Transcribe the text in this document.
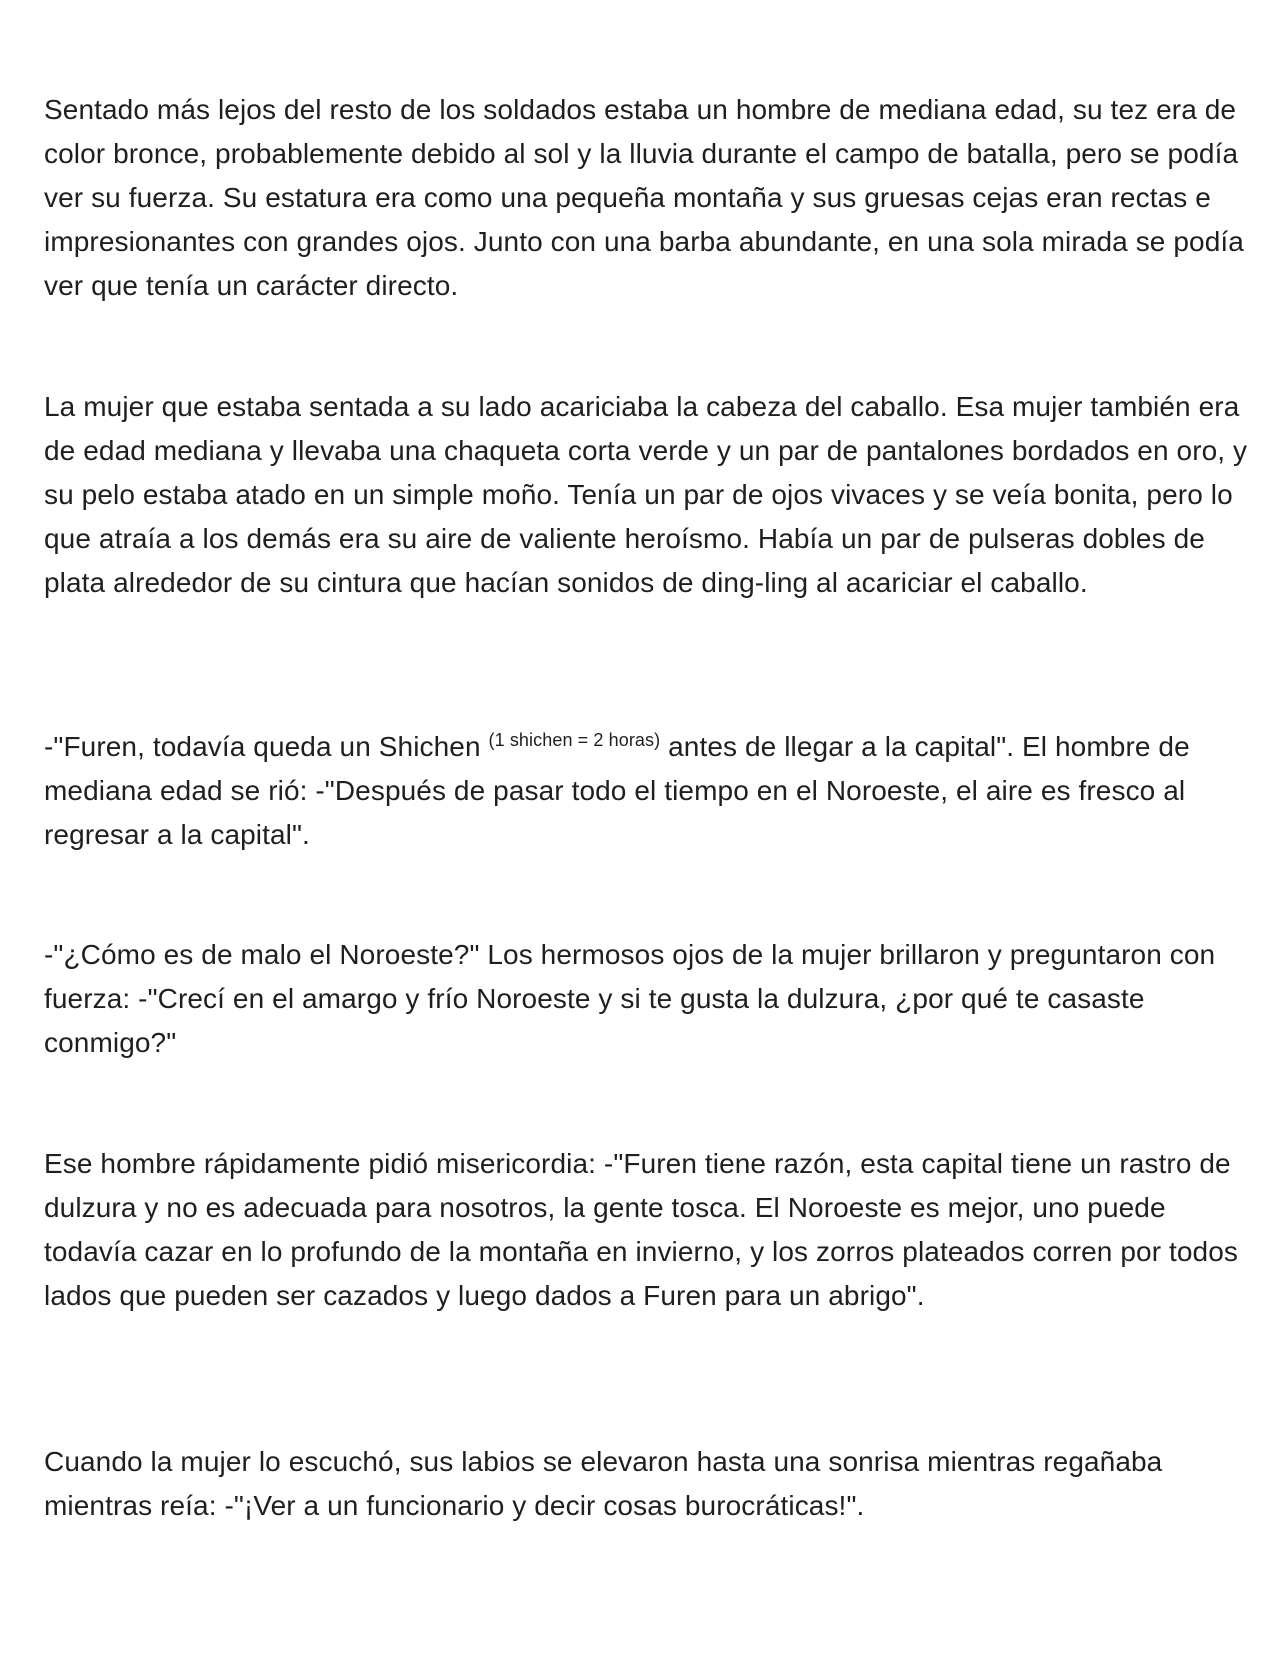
Sentado más lejos del resto de los soldados estaba un hombre de mediana edad, su tez era de color bronce, probablemente debido al sol y la lluvia durante el campo de batalla, pero se podía ver su fuerza. Su estatura era como una pequeña montaña y sus gruesas cejas eran rectas e impresionantes con grandes ojos. Junto con una barba abundante, en una sola mirada se podía ver que tenía un carácter directo.

La mujer que estaba sentada a su lado acariciaba la cabeza del caballo. Esa mujer también era de edad mediana y llevaba una chaqueta corta verde y un par de pantalones bordados en oro, y su pelo estaba atado en un simple moño. Tenía un par de ojos vivaces y se veía bonita, pero lo que atraía a los demás era su aire de valiente heroísmo. Había un par de pulseras dobles de plata alrededor de su cintura que hacían sonidos de ding-ling al acariciar el caballo.

-"Furen, todavía queda un Shichen $^{(1 shichen = 2 horas)}$ antes de llegar a la capital". El hombre de mediana edad se rió: -"Después de pasar todo el tiempo en el Noroeste, el aire es fresco al regresar a la capital".

-"¿Cómo es de malo el Noroeste?" Los hermosos ojos de la mujer brillaron y preguntaron con fuerza: -"Crecí en el amargo y frío Noroeste y si te gusta la dulzura, ¿por qué te casaste conmigo?"

Ese hombre rápidamente pidió misericordia: -"Furen tiene razón, esta capital tiene un rastro de dulzura y no es adecuada para nosotros, la gente tosca. El Noroeste es mejor, uno puede todavía cazar en lo profundo de la montaña en invierno, y los zorros plateados corren por todos lados que pueden ser cazados y luego dados a Furen para un abrigo".

Cuando la mujer lo escuchó, sus labios se elevaron hasta una sonrisa mientras regañaba mientras reía: -"¡Ver a un funcionario y decir cosas burocráticas!".
